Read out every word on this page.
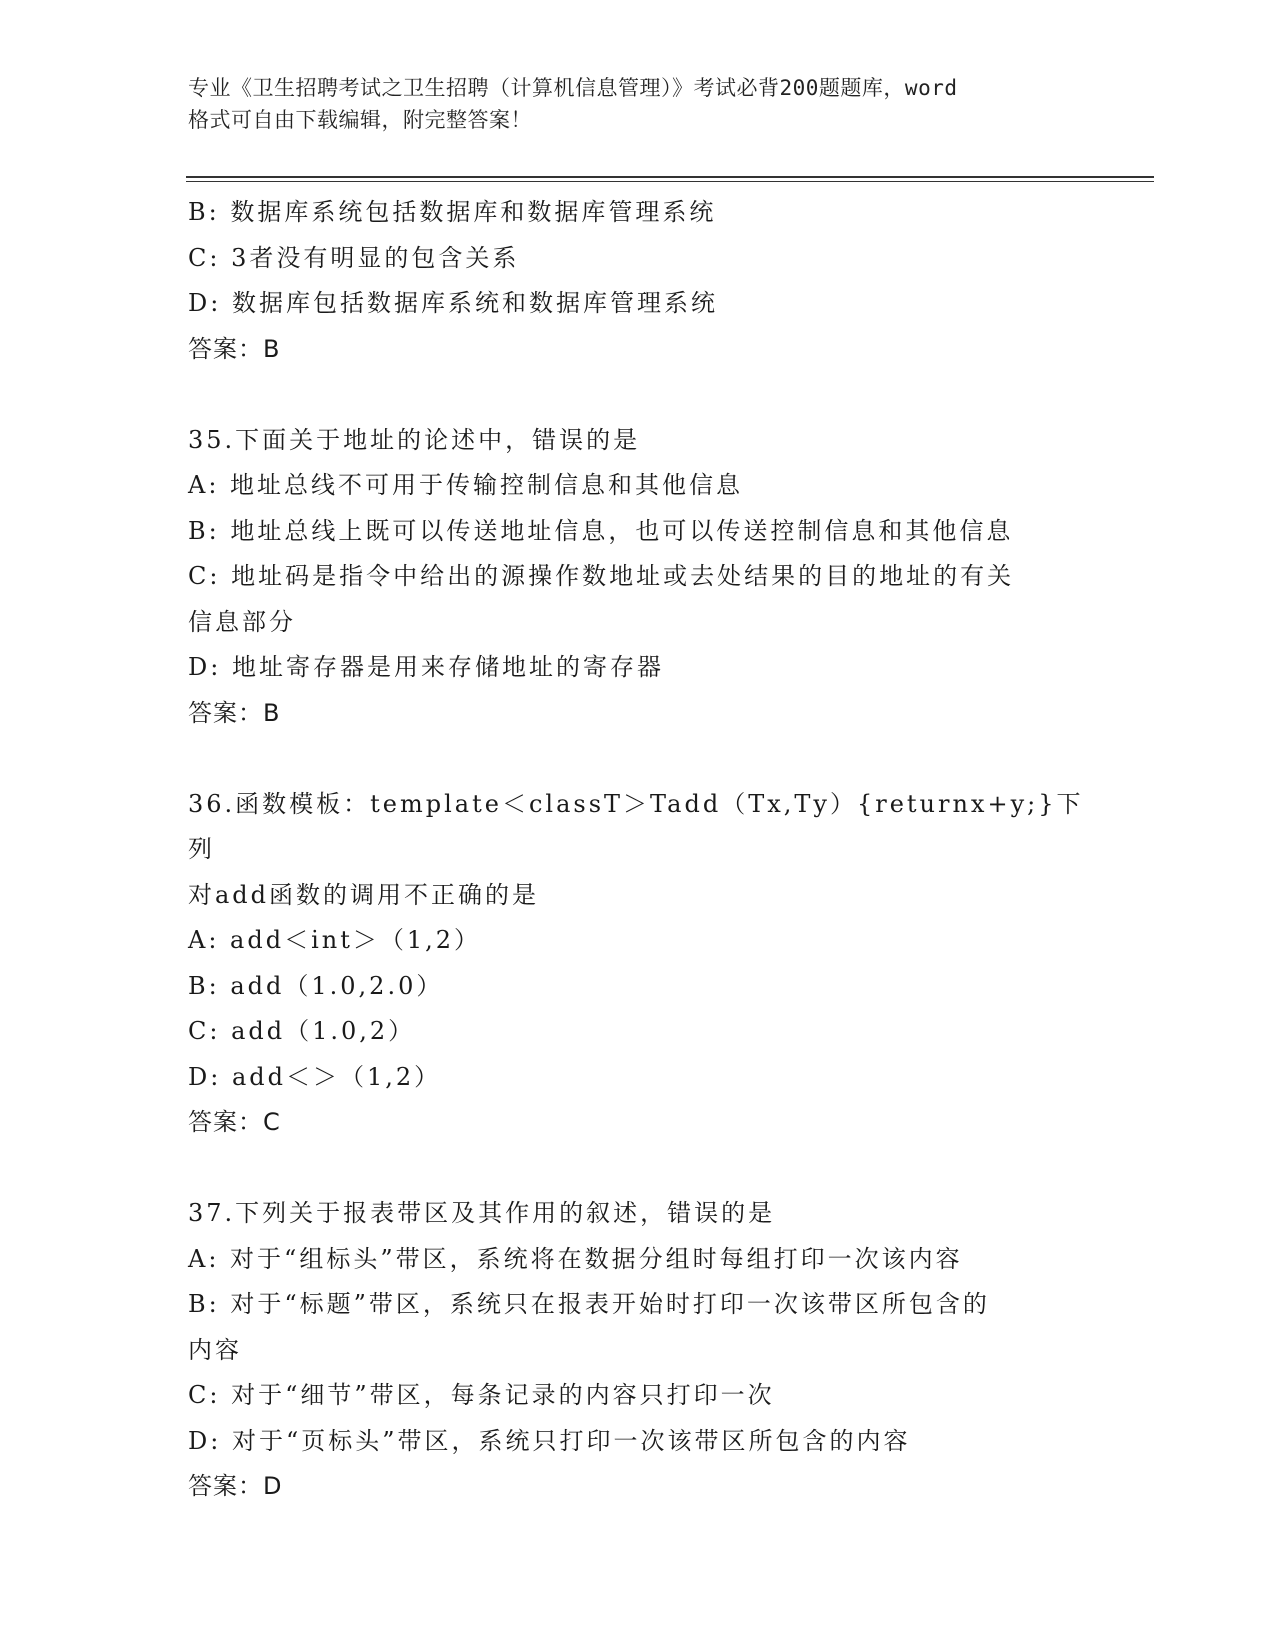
专业《卫生招聘考试之卫生招聘（计算机信息管理）》考试必背200题题库，word
格式可自由下载编辑，附完整答案！
B: 数据库系统包括数据库和数据库管理系统
C: 3者没有明显的包含关系
D: 数据库包括数据库系统和数据库管理系统
答案：B
35.下面关于地址的论述中，错误的是
A: 地址总线不可用于传输控制信息和其他信息
B: 地址总线上既可以传送地址信息，也可以传送控制信息和其他信息
C: 地址码是指令中给出的源操作数地址或去处结果的目的地址的有关
信息部分
D: 地址寄存器是用来存储地址的寄存器
答案：B
36.函数模板：template＜classT＞Tadd（Tx,Ty）{returnx+y;}下列
对add函数的调用不正确的是
A: add＜int＞（1,2）
B: add（1.0,2.0）
C: add（1.0,2）
D: add＜＞（1,2）
答案：C
37.下列关于报表带区及其作用的叙述，错误的是
A: 对于“组标头”带区，系统将在数据分组时每组打印一次该内容
B: 对于“标题”带区，系统只在报表开始时打印一次该带区所包含的
内容
C: 对于“细节”带区，每条记录的内容只打印一次
D: 对于“页标头”带区，系统只打印一次该带区所包含的内容
答案：D
